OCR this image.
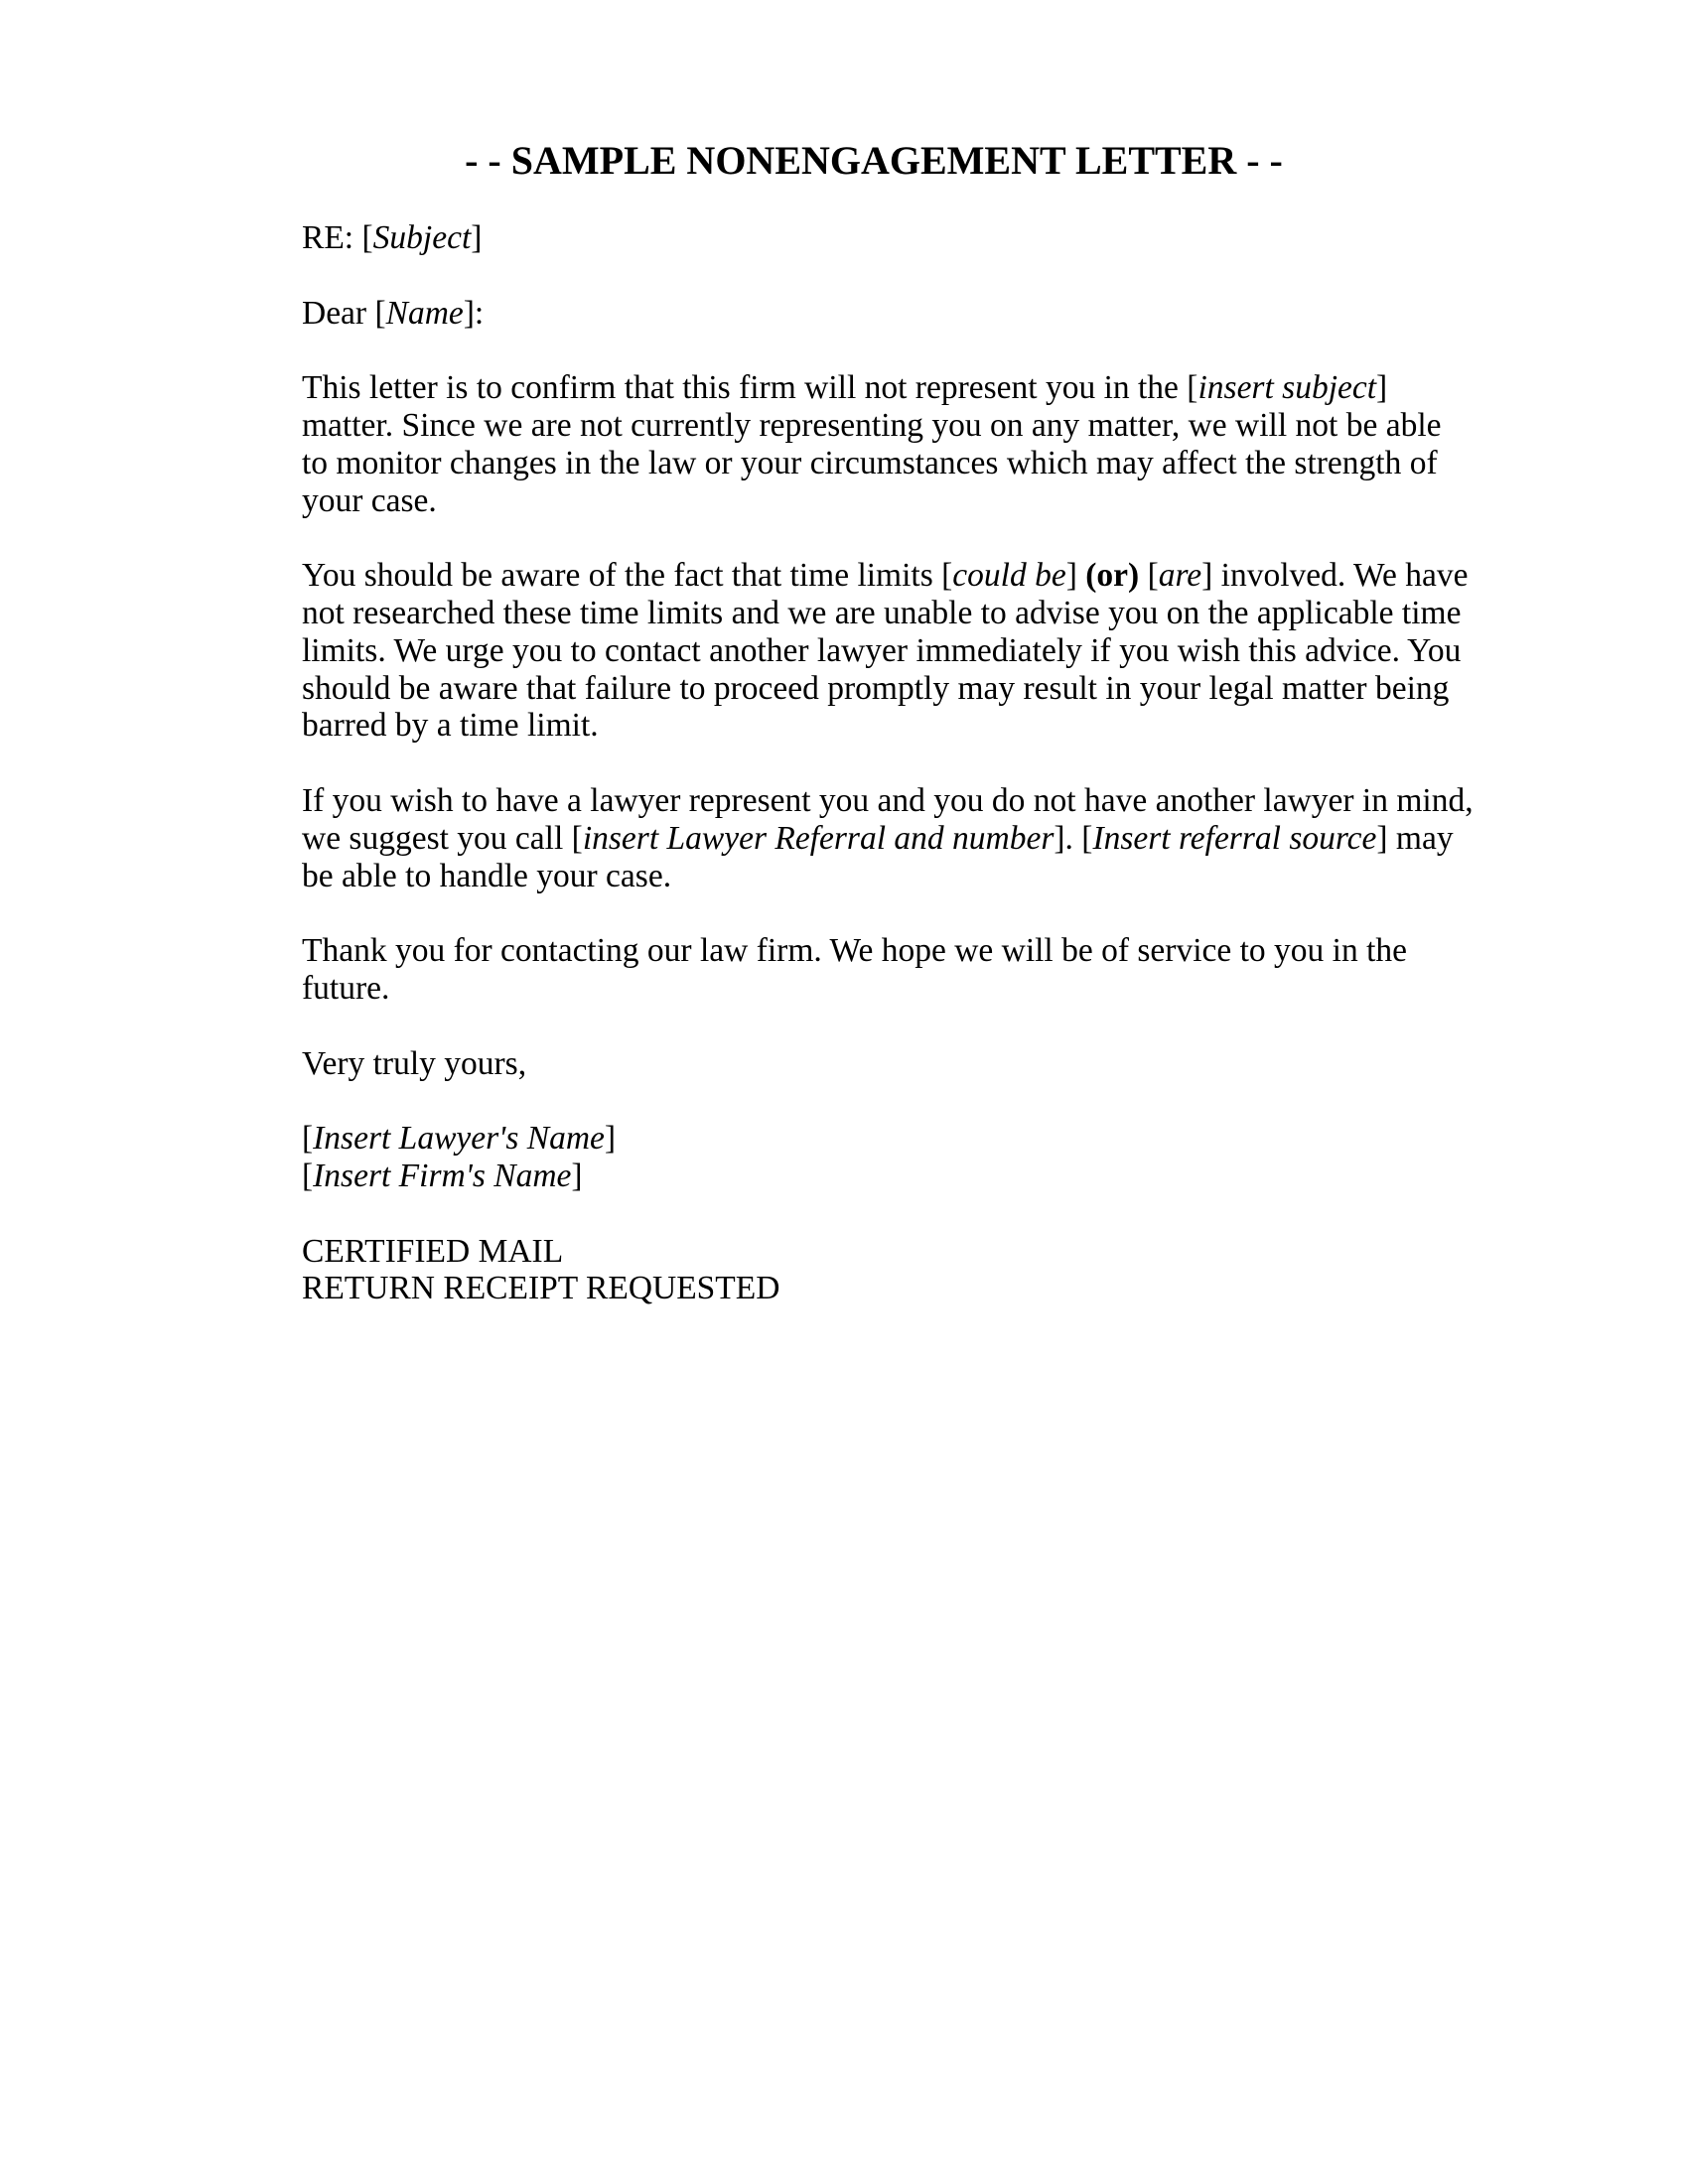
- - SAMPLE NONENGAGEMENT LETTER - -

RE: [Subject]

Dear [Name]:

This letter is to confirm that this firm will not represent you in the [insert subject]
matter. Since we are not currently representing you on any matter, we will not be able
to monitor changes in the law or your circumstances which may affect the strength of
your case.

You should be aware of the fact that time limits [could be] (or) [are] involved. We have
not researched these time limits and we are unable to advise you on the applicable time
limits. We urge you to contact another lawyer immediately if you wish this advice. You
should be aware that failure to proceed promptly may result in your legal matter being
barred by a time limit.

If you wish to have a lawyer represent you and you do not have another lawyer in mind,
we suggest you call [insert Lawyer Referral and number]. [Insert referral source] may
be able to handle your case.

Thank you for contacting our law firm. We hope we will be of service to you in the
future.

Very truly yours,

[Insert Lawyer's Name]
[Insert Firm's Name]

CERTIFIED MAIL
RETURN RECEIPT REQUESTED
